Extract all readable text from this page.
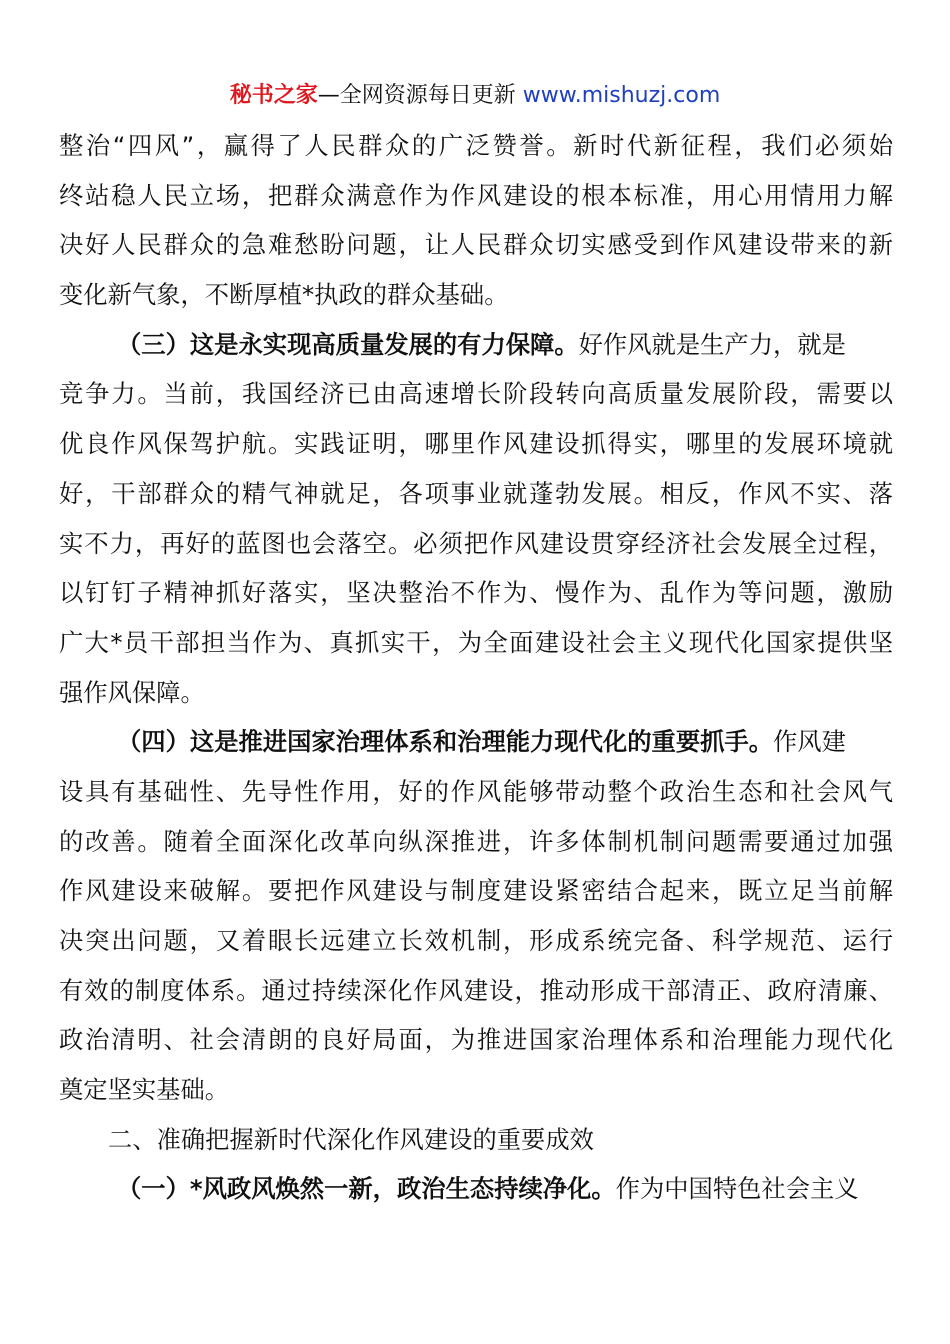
秘书之家—全网资源每日更新 www.mishuzj.com
整治“四风”，赢得了人民群众的广泛赞誉。新时代新征程，我们必须始
终站稳人民立场，把群众满意作为作风建设的根本标准，用心用情用力解
决好人民群众的急难愁盼问题，让人民群众切实感受到作风建设带来的新
变化新气象，不断厚植*执政的群众基础。
（三）这是永实现高质量发展的有力保障。好作风就是生产力，就是
竞争力。当前，我国经济已由高速增长阶段转向高质量发展阶段，需要以
优良作风保驾护航。实践证明，哪里作风建设抓得实，哪里的发展环境就
好，干部群众的精气神就足，各项事业就蓬勃发展。相反，作风不实、落
实不力，再好的蓝图也会落空。必须把作风建设贯穿经济社会发展全过程，
以钉钉子精神抓好落实，坚决整治不作为、慢作为、乱作为等问题，激励
广大*员干部担当作为、真抓实干，为全面建设社会主义现代化国家提供坚
强作风保障。
（四）这是推进国家治理体系和治理能力现代化的重要抓手。作风建
设具有基础性、先导性作用，好的作风能够带动整个政治生态和社会风气
的改善。随着全面深化改革向纵深推进，许多体制机制问题需要通过加强
作风建设来破解。要把作风建设与制度建设紧密结合起来，既立足当前解
决突出问题，又着眼长远建立长效机制，形成系统完备、科学规范、运行
有效的制度体系。通过持续深化作风建设，推动形成干部清正、政府清廉、
政治清明、社会清朗的良好局面，为推进国家治理体系和治理能力现代化
奠定坚实基础。
二、准确把握新时代深化作风建设的重要成效
（一）*风政风焕然一新，政治生态持续净化。作为中国特色社会主义
